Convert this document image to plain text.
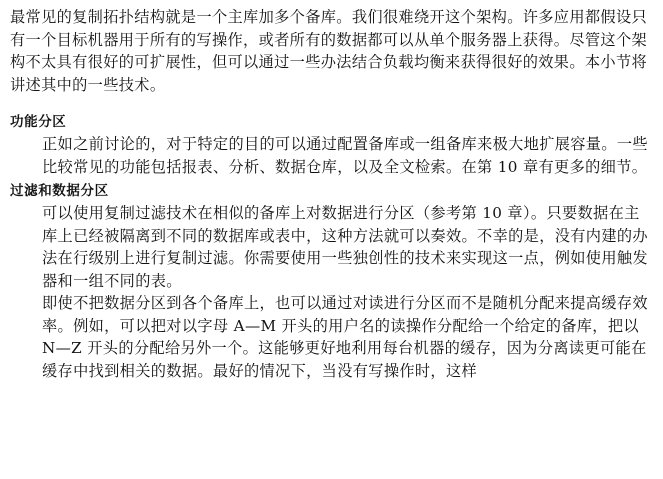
最常见的复制拓扑结构就是一个主库加多个备库。我们很难绕开这个架构。许多应用都假设只有一个目标机器用于所有的写操作，或者所有的数据都可以从单个服务器上获得。尽管这个架构不太具有很好的可扩展性，但可以通过一些办法结合负载均衡来获得很好的效果。本小节将讲述其中的一些技术。

功能分区

正如之前讨论的，对于特定的目的可以通过配置备库或一组备库来极大地扩展容量。一些比较常见的功能包括报表、分析、数据仓库，以及全文检索。在第 10 章有更多的细节。

过滤和数据分区

可以使用复制过滤技术在相似的备库上对数据进行分区（参考第 10 章）。只要数据在主库上已经被隔离到不同的数据库或表中，这种方法就可以奏效。不幸的是，没有内建的办法在行级别上进行复制过滤。你需要使用一些独创性的技术来实现这一点，例如使用触发器和一组不同的表。

即使不把数据分区到各个备库上，也可以通过对读进行分区而不是随机分配来提高缓存效率。例如，可以把对以字母 A—M 开头的用户名的读操作分配给一个给定的备库，把以 N—Z 开头的分配给另外一个。这能够更好地利用每台机器的缓存，因为分离读更可能在缓存中找到相关的数据。最好的情况下，当没有写操作时，这样
